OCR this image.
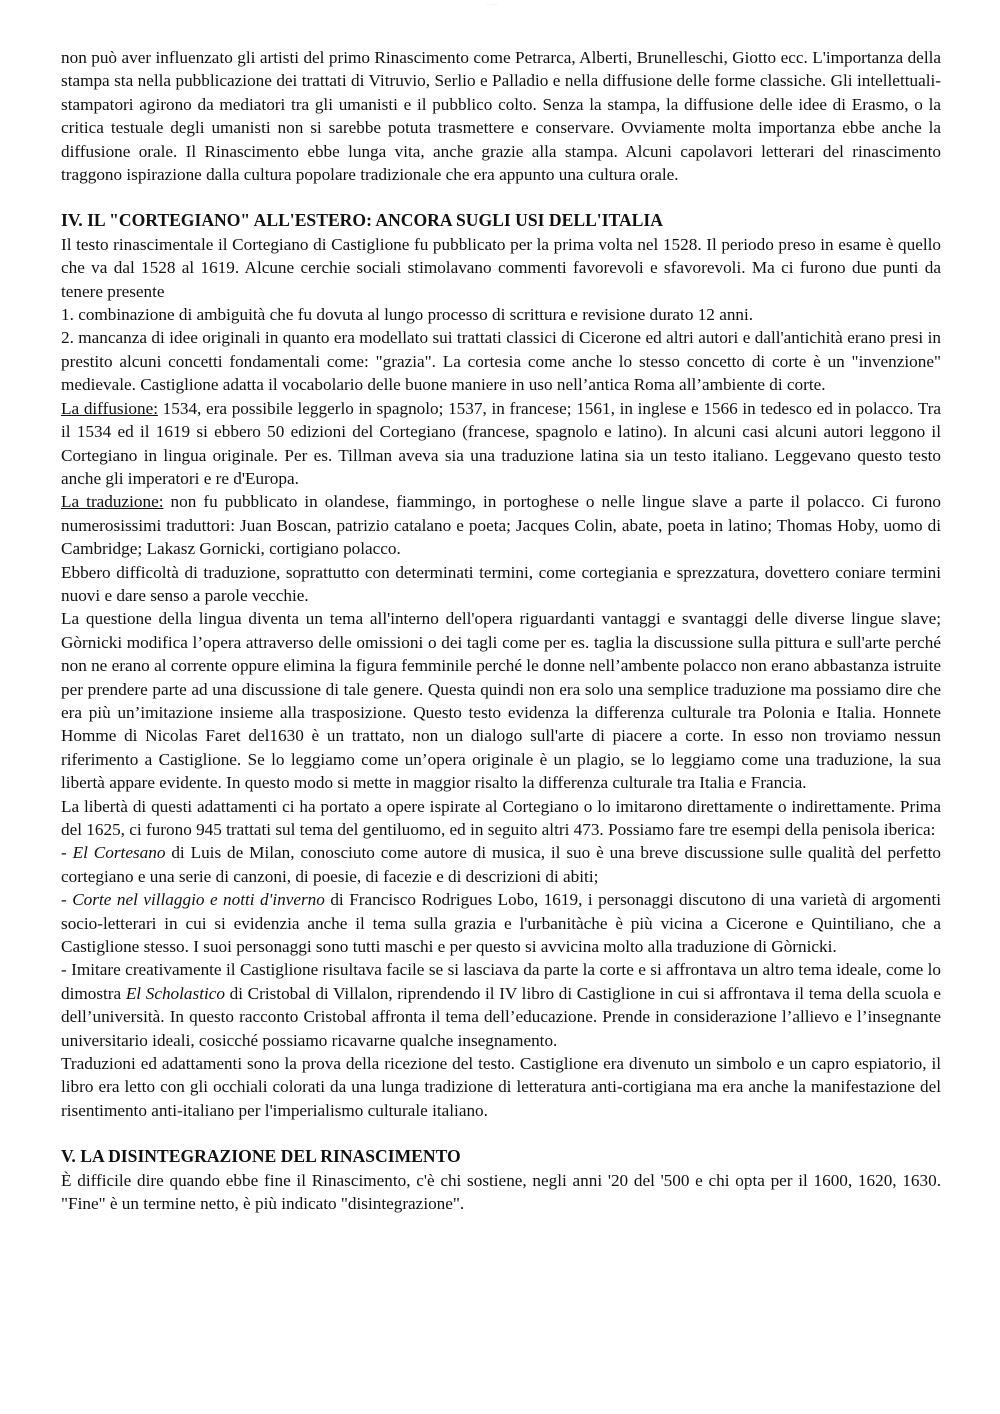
·· ·····

non può aver influenzato gli artisti del primo Rinascimento come Petrarca, Alberti, Brunelleschi, Giotto ecc. L'importanza della stampa sta nella pubblicazione dei trattati di Vitruvio, Serlio e Palladio e nella diffusione delle forme classiche. Gli intellettuali-stampatori agirono da mediatori tra gli umanisti e il pubblico colto. Senza la stampa, la diffusione delle idee di Erasmo, o la critica testuale degli umanisti non si sarebbe potuta trasmettere e conservare. Ovviamente molta importanza ebbe anche la diffusione orale. Il Rinascimento ebbe lunga vita, anche grazie alla stampa. Alcuni capolavori letterari del rinascimento traggono ispirazione dalla cultura popolare tradizionale che era appunto una cultura orale.

IV. IL "CORTEGIANO" ALL'ESTERO: ANCORA SUGLI USI DELL'ITALIA

Il testo rinascimentale il Cortegiano di Castiglione fu pubblicato per la prima volta nel 1528. Il periodo preso in esame è quello che va dal 1528 al 1619. Alcune cerchie sociali stimolavano commenti favorevoli e sfavorevoli. Ma ci furono due punti da tenere presente

1. combinazione di ambiguità che fu dovuta al lungo processo di scrittura e revisione durato 12 anni.

2. mancanza di idee originali in quanto era modellato sui trattati classici di Cicerone ed altri autori e dall'antichità erano presi in prestito alcuni concetti fondamentali come: "grazia". La cortesia come anche lo stesso concetto di corte è un "invenzione" medievale. Castiglione adatta il vocabolario delle buone maniere in uso nell’antica Roma all’ambiente di corte.

La diffusione: 1534, era possibile leggerlo in spagnolo; 1537, in francese; 1561, in inglese e 1566 in tedesco ed in polacco. Tra il 1534 ed il 1619 si ebbero 50 edizioni del Cortegiano (francese, spagnolo e latino). In alcuni casi alcuni autori leggono il Cortegiano in lingua originale. Per es. Tillman aveva sia una traduzione latina sia un testo italiano. Leggevano questo testo anche gli imperatori e re d'Europa.

La traduzione: non fu pubblicato in olandese, fiammingo, in portoghese o nelle lingue slave a parte il polacco. Ci furono numerosissimi traduttori: Juan Boscan, patrizio catalano e poeta; Jacques Colin, abate, poeta in latino; Thomas Hoby, uomo di Cambridge; Lakasz Gornicki, cortigiano polacco.

Ebbero difficoltà di traduzione, soprattutto con determinati termini, come cortegiania e sprezzatura, dovettero coniare termini nuovi e dare senso a parole vecchie.

La questione della lingua diventa un tema all'interno dell'opera riguardanti vantaggi e svantaggi delle diverse lingue slave; Gòrnicki modifica l’opera attraverso delle omissioni o dei tagli come per es. taglia la discussione sulla pittura e sull'arte perché non ne erano al corrente oppure elimina la figura femminile perché le donne nell’ambente polacco non erano abbastanza istruite per prendere parte ad una discussione di tale genere. Questa quindi non era solo una semplice traduzione ma possiamo dire che era più un’imitazione insieme alla trasposizione. Questo testo evidenza la differenza culturale tra Polonia e Italia. Honnete Homme di Nicolas Faret del1630 è un trattato, non un dialogo sull'arte di piacere a corte. In esso non troviamo nessun riferimento a Castiglione. Se lo leggiamo come un’opera originale è un plagio, se lo leggiamo come una traduzione, la sua libertà appare evidente. In questo modo si mette in maggior risalto la differenza culturale tra Italia e Francia.

La libertà di questi adattamenti ci ha portato a opere ispirate al Cortegiano o lo imitarono direttamente o indirettamente. Prima del 1625, ci furono 945 trattati sul tema del gentiluomo, ed in seguito altri 473. Possiamo fare tre esempi della penisola iberica:

- El Cortesano di Luis de Milan, conosciuto come autore di musica, il suo è una breve discussione sulle qualità del perfetto cortegiano e una serie di canzoni, di poesie, di facezie e di descrizioni di abiti;

- Corte nel villaggio e notti d'inverno di Francisco Rodrigues Lobo, 1619, i personaggi discutono di una varietà di argomenti socio-letterari in cui si evidenzia anche il tema sulla grazia e l'urbanitàche è più vicina a Cicerone e Quintiliano, che a Castiglione stesso. I suoi personaggi sono tutti maschi e per questo si avvicina molto alla traduzione di Gòrnicki.

- Imitare creativamente il Castiglione risultava facile se si lasciava da parte la corte e si affrontava un altro tema ideale, come lo dimostra El Scholastico di Cristobal di Villalon, riprendendo il IV libro di Castiglione in cui si affrontava il tema della scuola e dell’università. In questo racconto Cristobal affronta il tema dell’educazione. Prende in considerazione l’allievo e l’insegnante universitario ideali, cosicché possiamo ricavarne qualche insegnamento.

Traduzioni ed adattamenti sono la prova della ricezione del testo. Castiglione era divenuto un simbolo e un capro espiatorio, il libro era letto con gli occhiali colorati da una lunga tradizione di letteratura anti-cortigiana ma era anche la manifestazione del risentimento anti-italiano per l'imperialismo culturale italiano.

V. LA DISINTEGRAZIONE DEL RINASCIMENTO

È difficile dire quando ebbe fine il Rinascimento, c'è chi sostiene, negli anni '20 del '500 e chi opta per il 1600, 1620, 1630. "Fine" è un termine netto, è più indicato "disintegrazione".
